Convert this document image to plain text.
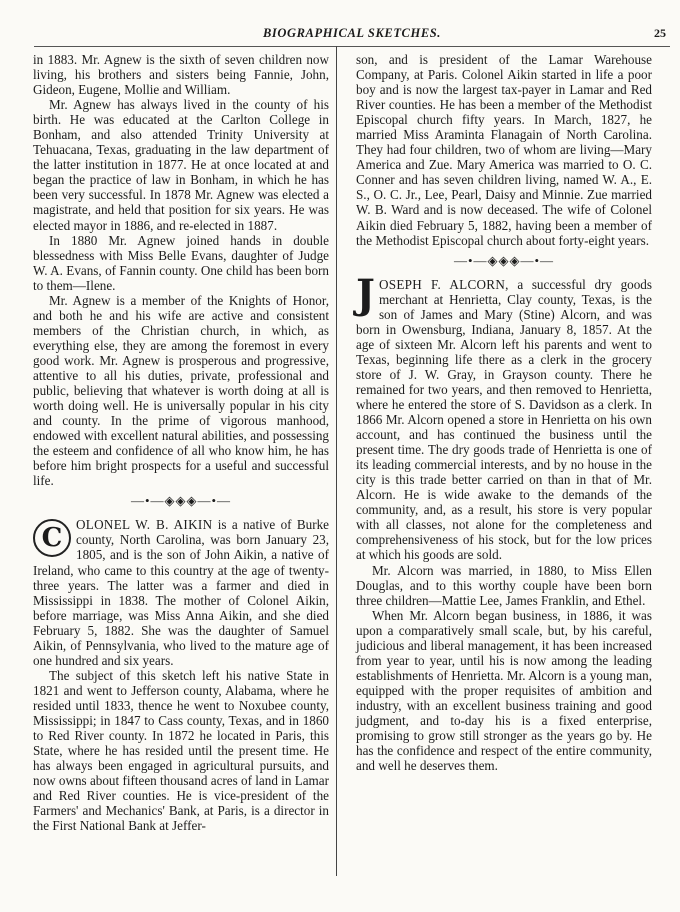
BIOGRAPHICAL SKETCHES.	25

in 1883. Mr. Agnew is the sixth of seven children now living, his brothers and sisters being Fannie, John, Gideon, Eugene, Mollie and William.

Mr. Agnew has always lived in the county of his birth. He was educated at the Carlton College in Bonham, and also attended Trinity University at Tehuacana, Texas, graduating in the law department of the latter institution in 1877. He at once located at and began the practice of law in Bonham, in which he has been very successful. In 1878 Mr. Agnew was elected a magistrate, and held that position for six years. He was elected mayor in 1886, and re-elected in 1887.

In 1880 Mr. Agnew joined hands in double blessedness with Miss Belle Evans, daughter of Judge W. A. Evans, of Fannin county. One child has been born to them—Ilene.

Mr. Agnew is a member of the Knights of Honor, and both he and his wife are active and consistent members of the Christian church, in which, as everything else, they are among the foremost in every good work. Mr. Agnew is prosperous and progressive, attentive to all his duties, private, professional and public, believing that whatever is worth doing at all is worth doing well. He is universally popular in his city and county. In the prime of vigorous manhood, endowed with excellent natural abilities, and possessing the esteem and confidence of all who know him, he has before him bright prospects for a useful and successful life.

—•—◈◈◈—•—

C	OLONEL W. B. AIKIN is a native of Burke county, North Carolina, was born January 23, 1805, and is the son of John Aikin, a native of Ireland, who came to this country at the age of twenty-three years. The latter was a farmer and died in Mississippi in 1838. The mother of Colonel Aikin, before marriage, was Miss Anna Aikin, and she died February 5, 1882. She was the daughter of Samuel Aikin, of Pennsylvania, who lived to the mature age of one hundred and six years.

The subject of this sketch left his native State in 1821 and went to Jefferson county, Alabama, where he resided until 1833, thence he went to Noxubee county, Mississippi; in 1847 to Cass county, Texas, and in 1860 to Red River county. In 1872 he located in Paris, this State, where he has resided until the present time. He has always been engaged in agricultural pursuits, and now owns about fifteen thousand acres of land in Lamar and Red River counties. He is vice-president of the Farmers' and Mechanics' Bank, at Paris, is a director in the First National Bank at Jeffer-

son, and is president of the Lamar Warehouse Company, at Paris. Colonel Aikin started in life a poor boy and is now the largest tax-payer in Lamar and Red River counties. He has been a member of the Methodist Episcopal church fifty years. In March, 1827, he married Miss Araminta Flanagain of North Carolina. They had four children, two of whom are living—Mary America and Zue. Mary America was married to O. C. Conner and has seven children living, named W. A., E. S., O. C. Jr., Lee, Pearl, Daisy and Minnie. Zue married W. B. Ward and is now deceased. The wife of Colonel Aikin died February 5, 1882, having been a member of the Methodist Episcopal church about forty-eight years.

—•—◈◈◈—•—

JOSEPH F. ALCORN, a successful dry goods merchant at Henrietta, Clay county, Texas, is the son of James and Mary (Stine) Alcorn, and was born in Owensburg, Indiana, January 8, 1857. At the age of sixteen Mr. Alcorn left his parents and went to Texas, beginning life there as a clerk in the grocery store of J. W. Gray, in Grayson county. There he remained for two years, and then removed to Henrietta, where he entered the store of S. Davidson as a clerk. In 1866 Mr. Alcorn opened a store in Henrietta on his own account, and has continued the business until the present time. The dry goods trade of Henrietta is one of its leading commercial interests, and by no house in the city is this trade better carried on than in that of Mr. Alcorn. He is wide awake to the demands of the community, and, as a result, his store is very popular with all classes, not alone for the completeness and comprehensiveness of his stock, but for the low prices at which his goods are sold.

Mr. Alcorn was married, in 1880, to Miss Ellen Douglas, and to this worthy couple have been born three children—Mattie Lee, James Franklin, and Ethel.

When Mr. Alcorn began business, in 1886, it was upon a comparatively small scale, but, by his careful, judicious and liberal management, it has been increased from year to year, until his is now among the leading establishments of Henrietta. Mr. Alcorn is a young man, equipped with the proper requisites of ambition and industry, with an excellent business training and good judgment, and to-day his is a fixed enterprise, promising to grow still stronger as the years go by. He has the confidence and respect of the entire community, and well he deserves them.
